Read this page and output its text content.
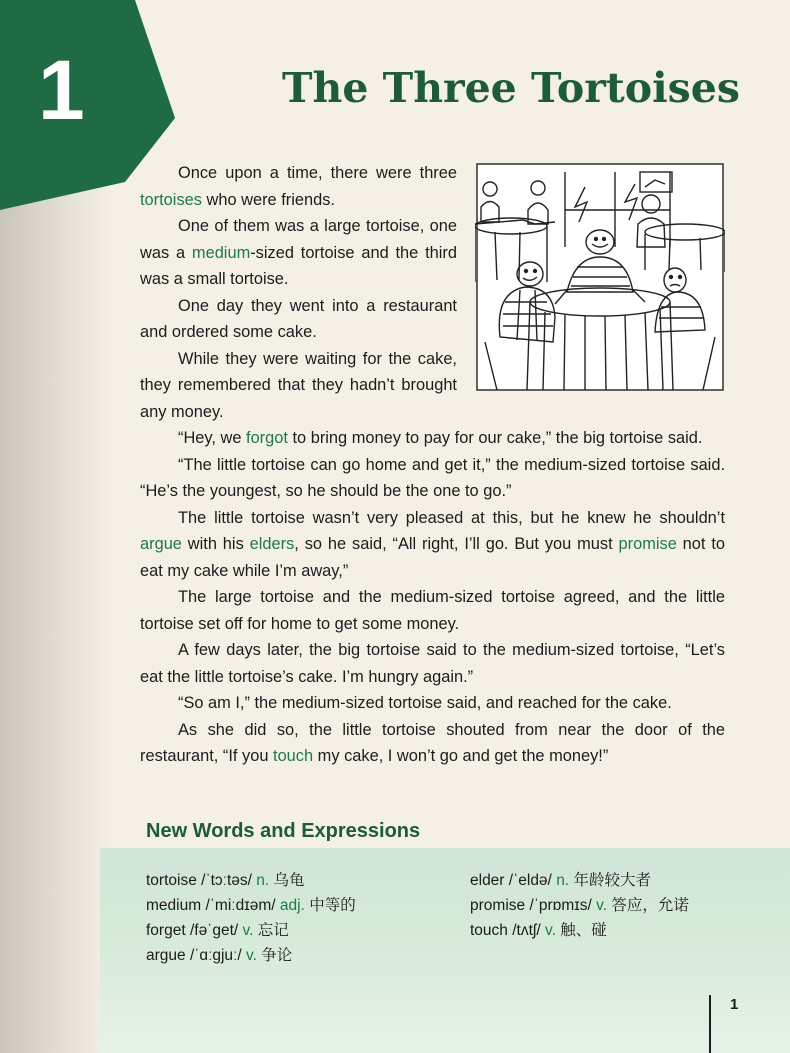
1	The Three Tortoises

Once upon a time, there were three tortoises who were friends.

One of them was a large tortoise, one was a medium-sized tortoise and the third was a small tortoise.

One day they went into a restaurant and ordered some cake.

While they were waiting for the cake, they remembered that they hadn’t brought any money.

“Hey, we forgot to bring money to pay for our cake,” the big tortoise said.

“The little tortoise can go home and get it,” the medium-sized tortoise said. “He’s the youngest, so he should be the one to go.”

The little tortoise wasn’t very pleased at this, but he knew he shouldn’t argue with his elders, so he said, “All right, I’ll go. But you must promise not to eat my cake while I’m away,”

The large tortoise and the medium-sized tortoise agreed, and the little tortoise set off for home to get some money.

A few days later, the big tortoise said to the medium-sized tortoise, “Let’s eat the little tortoise’s cake. I’m hungry again.”

“So am I,” the medium-sized tortoise said, and reached for the cake.

As she did so, the little tortoise shouted from near the door of the restaurant, “If you touch my cake, I won’t go and get the money!”

New Words and Expressions
tortoise /ˈtɔːtəs/ n. 乌龟
medium /ˈmiːdɪəm/ adj. 中等的
forget /fəˈget/ v. 忘记
argue /ˈɑːgjuː/ v. 争论
elder /ˈeldə/ n. 年龄较大者
promise /ˈprɒmɪs/ v. 答应，允诺
touch /tʌtʃ/ v. 触、碰
1
